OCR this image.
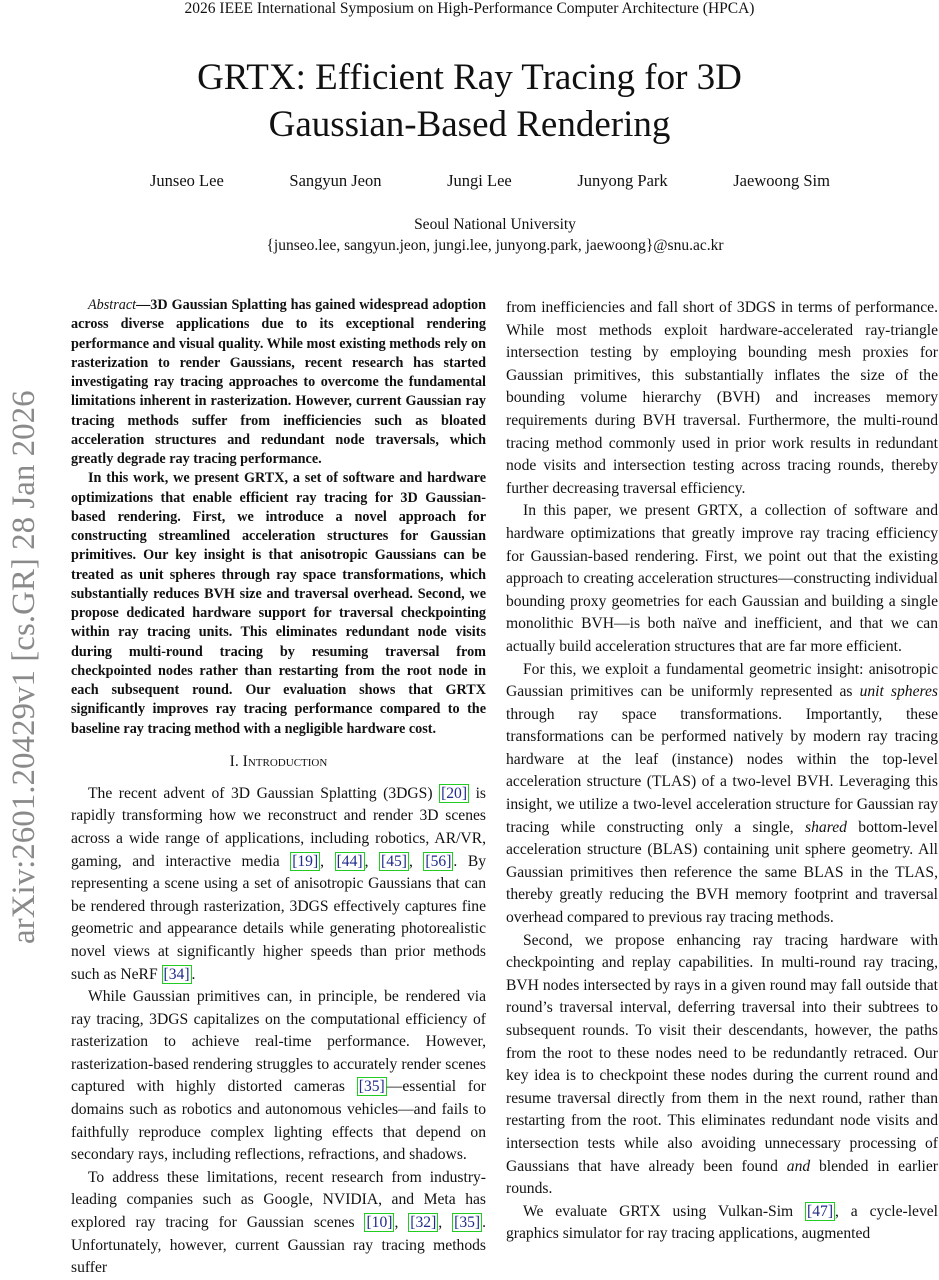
2026 IEEE International Symposium on High-Performance Computer Architecture (HPCA)
GRTX: Efficient Ray Tracing for 3D
Gaussian-Based Rendering
Junseo Lee	Sangyun Jeon	Jungi Lee	Junyong Park	Jaewoong Sim
Seoul National University
{junseo.lee, sangyun.jeon, jungi.lee, junyong.park, jaewoong}@snu.ac.kr
arXiv:2601.20429v1 [cs.GR] 28 Jan 2026

Abstract—3D Gaussian Splatting has gained widespread adoption across diverse applications due to its exceptional rendering performance and visual quality. While most existing methods rely on rasterization to render Gaussians, recent research has started investigating ray tracing approaches to overcome the fundamental limitations inherent in rasterization. However, current Gaussian ray tracing methods suffer from inefficiencies such as bloated acceleration structures and redundant node traversals, which greatly degrade ray tracing performance.

In this work, we present GRTX, a set of software and hardware optimizations that enable efficient ray tracing for 3D Gaussian-based rendering. First, we introduce a novel approach for constructing streamlined acceleration structures for Gaussian primitives. Our key insight is that anisotropic Gaussians can be treated as unit spheres through ray space transformations, which substantially reduces BVH size and traversal overhead. Second, we propose dedicated hardware support for traversal checkpointing within ray tracing units. This eliminates redundant node visits during multi-round tracing by resuming traversal from checkpointed nodes rather than restarting from the root node in each subsequent round. Our evaluation shows that GRTX significantly improves ray tracing performance compared to the baseline ray tracing method with a negligible hardware cost.

I. Introduction

The recent advent of 3D Gaussian Splatting (3DGS) [20] is rapidly transforming how we reconstruct and render 3D scenes across a wide range of applications, including robotics, AR/VR, gaming, and interactive media [19] , [44] , [45] , [56] . By representing a scene using a set of anisotropic Gaussians that can be rendered through rasterization, 3DGS effectively captures fine geometric and appearance details while generating photorealistic novel views at significantly higher speeds than prior methods such as NeRF [34] .

While Gaussian primitives can, in principle, be rendered via ray tracing, 3DGS capitalizes on the computational efficiency of rasterization to achieve real-time performance. However, rasterization-based rendering struggles to accurately render scenes captured with highly distorted cameras [35] —essential for domains such as robotics and autonomous vehicles—and fails to faithfully reproduce complex lighting effects that depend on secondary rays, including reflections, refractions, and shadows.

To address these limitations, recent research from industry-leading companies such as Google, NVIDIA, and Meta has explored ray tracing for Gaussian scenes [10] , [32] , [35] . Unfortunately, however, current Gaussian ray tracing methods suffer

from inefficiencies and fall short of 3DGS in terms of performance. While most methods exploit hardware-accelerated ray-triangle intersection testing by employing bounding mesh proxies for Gaussian primitives, this substantially inflates the size of the bounding volume hierarchy (BVH) and increases memory requirements during BVH traversal. Furthermore, the multi-round tracing method commonly used in prior work results in redundant node visits and intersection testing across tracing rounds, thereby further decreasing traversal efficiency.

In this paper, we present GRTX, a collection of software and hardware optimizations that greatly improve ray tracing efficiency for Gaussian-based rendering. First, we point out that the existing approach to creating acceleration structures—constructing individual bounding proxy geometries for each Gaussian and building a single monolithic BVH—is both naïve and inefficient, and that we can actually build acceleration structures that are far more efficient.

For this, we exploit a fundamental geometric insight: anisotropic Gaussian primitives can be uniformly represented as unit spheres through ray space transformations. Importantly, these transformations can be performed natively by modern ray tracing hardware at the leaf (instance) nodes within the top-level acceleration structure (TLAS) of a two-level BVH. Leveraging this insight, we utilize a two-level acceleration structure for Gaussian ray tracing while constructing only a single, shared bottom-level acceleration structure (BLAS) containing unit sphere geometry. All Gaussian primitives then reference the same BLAS in the TLAS, thereby greatly reducing the BVH memory footprint and traversal overhead compared to previous ray tracing methods.

Second, we propose enhancing ray tracing hardware with checkpointing and replay capabilities. In multi-round ray tracing, BVH nodes intersected by rays in a given round may fall outside that round’s traversal interval, deferring traversal into their subtrees to subsequent rounds. To visit their descendants, however, the paths from the root to these nodes need to be redundantly retraced. Our key idea is to checkpoint these nodes during the current round and resume traversal directly from them in the next round, rather than restarting from the root. This eliminates redundant node visits and intersection tests while also avoiding unnecessary processing of Gaussians that have already been found and blended in earlier rounds.

We evaluate GRTX using Vulkan-Sim [47] , a cycle-level graphics simulator for ray tracing applications, augmented
